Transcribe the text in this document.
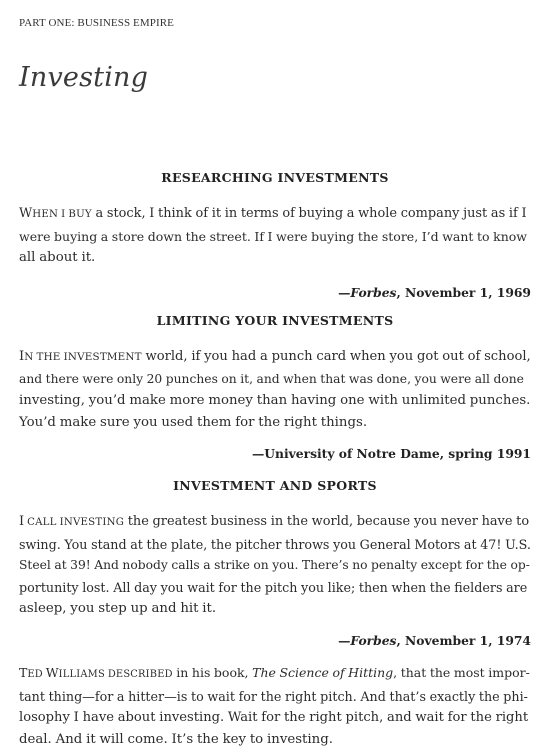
PART ONE: BUSINESS EMPIRE
Investing
RESEARCHING INVESTMENTS

WHEN I BUY a stock, I think of it in terms of buying a whole company just as if I
were buying a store down the street. If I were buying the store, I’d want to know
all about it.

—Forbes, November 1, 1969
LIMITING YOUR INVESTMENTS

IN THE INVESTMENT world, if you had a punch card when you got out of school,
and there were only 20 punches on it, and when that was done, you were all done
investing, you’d make more money than having one with unlimited punches.
You’d make sure you used them for the right things.

—University of Notre Dame, spring 1991
INVESTMENT AND SPORTS

I CALL INVESTING the greatest business in the world, because you never have to
swing. You stand at the plate, the pitcher throws you General Motors at 47! U.S.
Steel at 39! And nobody calls a strike on you. There’s no penalty except for the op-
portunity lost. All day you wait for the pitch you like; then when the fielders are
asleep, you step up and hit it.

—Forbes, November 1, 1974

TED WILLIAMS DESCRIBED in his book, The Science of Hitting, that the most impor-
tant thing—for a hitter—is to wait for the right pitch. And that’s exactly the phi-
losophy I have about investing. Wait for the right pitch, and wait for the right
deal. And it will come. It’s the key to investing.
